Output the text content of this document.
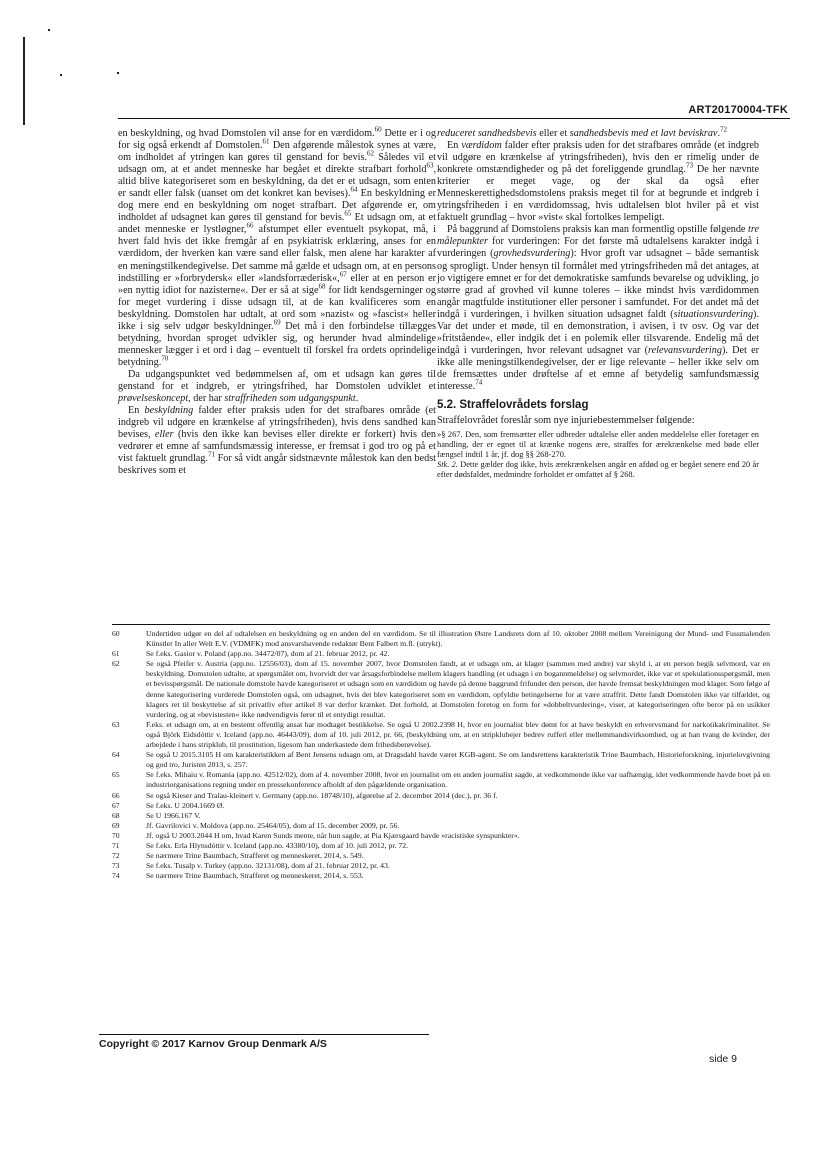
ART20170004-TFK

en beskyldning, og hvad Domstolen vil anse for en værdidom.$^{60}$ Dette er i og for sig også erkendt af Domstolen.$^{61}$ Den afgørende målestok synes at være, om indholdet af ytringen kan gøres til genstand for bevis.$^{62}$ Således vil et udsagn om, at et andet menneske har begået et direkte strafbart forhold$^{63}$, altid blive kategoriseret som en beskyldning, da det er et udsagn, som enten er sandt eller falsk (uanset om det konkret kan bevises).$^{64}$ En beskyldning er dog mere end en beskyldning om noget strafbart. Det afgørende er, om indholdet af udsagnet kan gøres til genstand for bevis.$^{65}$ Et udsagn om, at et andet menneske er lystløgner,$^{66}$ afstumpet eller eventuelt psykopat, må, i hvert fald hvis det ikke fremgår af en psykiatrisk erklæring, anses for en værdidom, der hverken kan være sand eller falsk, men alene har karakter af en meningstilkendegivelse. Det samme må gælde et udsagn om, at en persons indstilling er »forbrydersk« eller »landsforræderisk«,$^{67}$ eller at en person er »en nyttig idiot for nazisterne«. Der er så at sige$^{68}$ for lidt kendsgerninger og for meget vurdering i disse udsagn til, at de kan kvalificeres som en beskyldning. Domstolen har udtalt, at ord som »nazist« og »fascist« heller ikke i sig selv udgør beskyldninger.$^{69}$ Det må i den forbindelse tillægges betydning, hvordan sproget udvikler sig, og herunder hvad almindelige mennesker lægger i et ord i dag – eventuelt til forskel fra ordets oprindelige betydning.$^{70}$

Da udgangspunktet ved bedømmelsen af, om et udsagn kan gøres til genstand for et indgreb, er ytringsfrihed, har Domstolen udviklet et prøvelseskoncept, der har straffriheden som udgangspunkt.

En beskyldning falder efter praksis uden for det strafbares område (et indgreb vil udgøre en krænkelse af ytringsfriheden), hvis dens sandhed kan bevises, eller (hvis den ikke kan bevises eller direkte er forkert) hvis den vedrører et emne af samfundsmæssig interesse, er fremsat i god tro og på et vist faktuelt grundlag.$^{71}$ For så vidt angår sidstnævnte målestok kan den bedst beskrives som et

reduceret sandhedsbevis eller et sandhedsbevis med et lavt beviskrav.$^{72}$

En værdidom falder efter praksis uden for det strafbares område (et indgreb vil udgøre en krænkelse af ytringsfriheden), hvis den er rimelig under de konkrete omstændigheder og på det foreliggende grundlag.$^{73}$ De her nævnte kriterier er meget vage, og der skal da også efter Menneskerettighedsdomstolens praksis meget til for at begrunde et indgreb i ytringsfriheden i en værdidomssag, hvis udtalelsen blot hviler på et vist faktuelt grundlag – hvor »vist« skal fortolkes lempeligt.

På baggrund af Domstolens praksis kan man formentlig opstille følgende tre målepunkter for vurderingen: For det første må udtalelsens karakter indgå i vurderingen (grovhedsvurdering): Hvor groft var udsagnet – både semantisk og sprogligt. Under hensyn til formålet med ytringsfriheden må det antages, at jo vigtigere emnet er for det demokratiske samfunds bevarelse og udvikling, jo større grad af grovhed vil kunne toleres – ikke mindst hvis værdidommen angår magtfulde institutioner eller personer i samfundet. For det andet må det indgå i vurderingen, i hvilken situation udsagnet faldt (situationsvurdering). Var det under et møde, til en demonstration, i avisen, i tv osv. Og var det »fritstående«, eller indgik det i en polemik eller tilsvarende. Endelig må det indgå i vurderingen, hvor relevant udsagnet var (relevansvurdering). Det er ikke alle meningstilkendegivelser, der er lige relevante – heller ikke selv om de fremsættes under drøftelse af et emne af betydelig samfundsmæssig interesse.$^{74}$

5.2. Straffelovrådets forslag

Straffelovrådet foreslår som nye injuriebestemmelser følgende:

»§ 267. Den, som fremsætter eller udbreder udtalelse eller anden meddelelse eller foretager en handling, der er egnet til at krænke nogens ære, straffes for ærekrænkelse med bøde eller fængsel indtil 1 år, jf. dog §§ 268-270.

Stk. 2. Dette gælder dog ikke, hvis ærekrænkelsen angår en afdød og er begået senere end 20 år efter dødsfaldet, medmindre forholdet er omfattet af § 268.

60	Undertiden udgør en del af udtalelsen en beskyldning og en anden del en værdidom. Se til illustration Østre Landsrets dom af 10. oktober 2008 mellem Vereinigung der Mund- und Fussmalenden Künstler In aller Welt E.V. (VDMFK) mod ansvarshavende redaktør Bent Falbert m.fl. (utrykt).
61	Se f.eks. Gasior v. Poland (app.no. 34472/07), dom af 21. februar 2012, pr. 42.
62	Se også Pfeifer v. Austria (app.no. 12556/03), dom af 15. november 2007, hvor Domstolen fandt, at et udsagn om, at klager (sammen med andre) var skyld i, at en person begik selvmord, var en beskyldning. Domstolen udtalte, at spørgsmålet om, hvorvidt der var årsagsforbindelse mellem klagers handling (et udsagn i en bogannmeldelse) og selvmordet, ikke var et spekulationsspørgsmål, men et bevisspørgsmål. De nationale domstole havde kategoriseret et udsagn som en værdidom og havde på denne baggrund frifundet den person, der havde fremsat beskyldningen mod klager. Som følge af denne kategorisering vurderede Domstolen også, om udsagnet, hvis det blev kategoriseret som en værdidom, opfyldte betingelserne for at være straffrit. Dette fandt Domstolen ikke var tilfældet, og klagers ret til beskyttelse af sit privatliv efter artikel 8 var derfor krænket. Det forhold, at Domstolen foretog en form for »dobbeltvurdering«, viser, at kategoriseringen ofte beror på en usikker vurdering, og at »bevistesten« ikke nødvendigvis fører til et entydigt resultat.
63	F.eks. et udsagn om, at en bestemt offentlig ansat har modtaget bestikkelse. Se også U 2002.2398 H, hvor en journalist blev dømt for at have beskyldt en erhvervsmand for narkotikakriminalitet. Se også Björk Eidsdóttir v. Iceland (app.no. 46443/09), dom af 10. juli 2012, pr. 66, (beskyldning om, at en stripklubejer bedrev rufferi eller mellemmandsvirksomhed, og at han tvang de kvinder, der arbejdede i hans stripklub, til prostitution, ligesom han underkastede dem frihedsberøvelse).
64	Se også U 2015.3105 H om karakteristikken af Bent Jensens udsagn om, at Dragsdahl havde været KGB-agent. Se om landsrettens karakteristik Trine Baumbach, Historieforskning, injurielovgivning og god tro, Juristen 2013, s. 257.
65	Se f.eks. Mihaiu v. Romania (app.no. 42512/02), dom af 4. november 2008, hvor en journalist om en anden journalist sagde, at vedkommende ikke var uafhængig, idet vedkommende havde boet på en industriorganisations regning under en pressekonference afholdt af den pågældende organisation.
66	Se også Kieser and Tralau-kleinert v. Germany (app.no. 18748/10), afgørelse af 2. december 2014 (dec.), pr. 36 f.
67	Se f.eks. U 2004.1669 Ø.
68	Se U 1966.167 V.
69	Jf. Gavrilovici v. Moldova (app.no. 25464/05), dom af 15. december 2009, pr. 56.
70	Jf. også U 2003.2044 H om, hvad Karen Sunds mente, når hun sagde, at Pia Kjærsgaard havde »racistiske synspunkter«.
71	Se f.eks. Erla Hlynsdóttir v. Iceland (app.no. 43380/10), dom af 10. juli 2012, pr. 72.
72	Se nærmere Trine Baumbach, Strafferet og menneskeret, 2014, s. 549.
73	Se f.eks. Tusalp v. Turkey (app.no. 32131/08), dom af 21. februar 2012, pr. 43.
74	Se nærmere Trine Baumbach, Strafferet og menneskeret, 2014, s. 553.
Copyright © 2017 Karnov Group Denmark A/S
side 9
